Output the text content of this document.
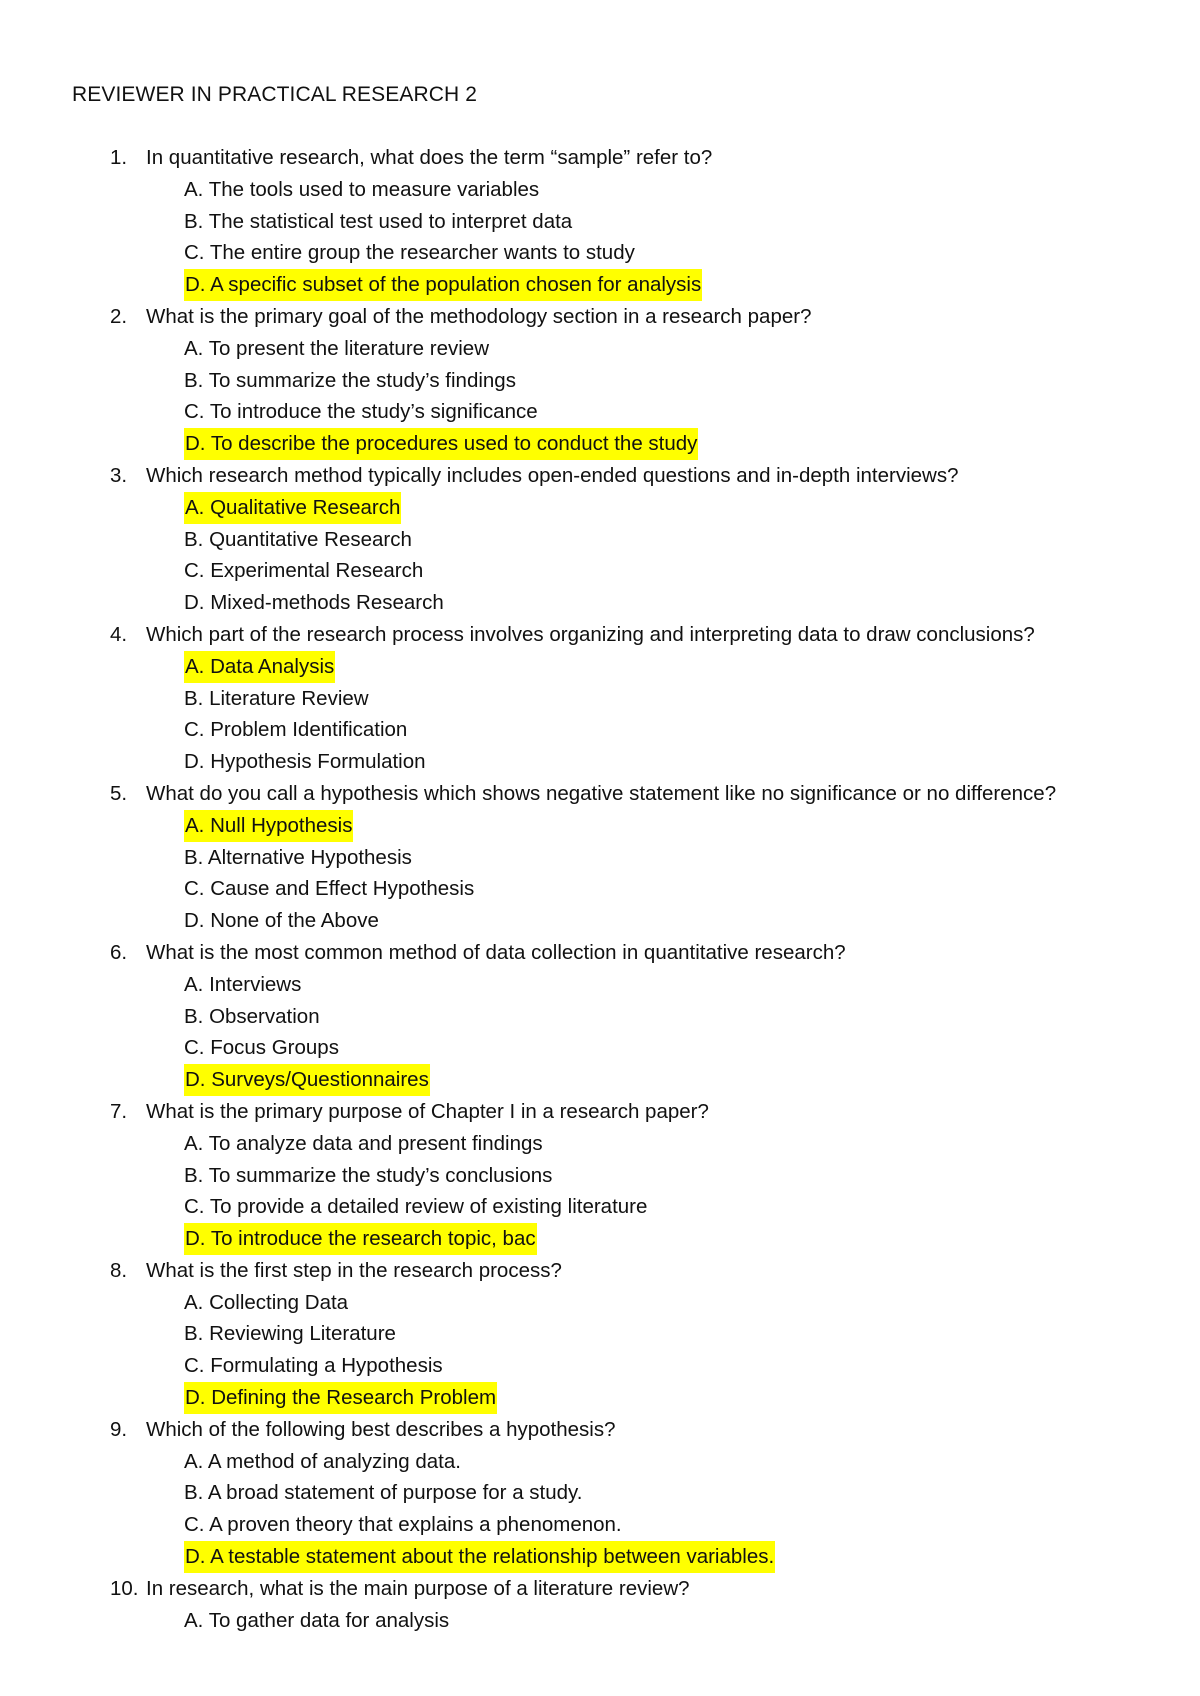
REVIEWER IN PRACTICAL RESEARCH 2
1. In quantitative research, what does the term “sample” refer to?
A. The tools used to measure variables
B. The statistical test used to interpret data
C. The entire group the researcher wants to study
D. A specific subset of the population chosen for analysis
2. What is the primary goal of the methodology section in a research paper?
A. To present the literature review
B. To summarize the study’s findings
C. To introduce the study’s significance
D. To describe the procedures used to conduct the study
3. Which research method typically includes open-ended questions and in-depth interviews?
A. Qualitative Research
B. Quantitative Research
C. Experimental Research
D. Mixed-methods Research
4. Which part of the research process involves organizing and interpreting data to draw conclusions?
A. Data Analysis
B. Literature Review
C. Problem Identification
D. Hypothesis Formulation
5. What do you call a hypothesis which shows negative statement like no significance or no difference?
A. Null Hypothesis
B. Alternative Hypothesis
C. Cause and Effect Hypothesis
D. None of the Above
6. What is the most common method of data collection in quantitative research?
A. Interviews
B. Observation
C. Focus Groups
D. Surveys/Questionnaires
7. What is the primary purpose of Chapter I in a research paper?
A. To analyze data and present findings
B. To summarize the study’s conclusions
C. To provide a detailed review of existing literature
D. To introduce the research topic, bac
8. What is the first step in the research process?
A. Collecting Data
B. Reviewing Literature
C. Formulating a Hypothesis
D. Defining the Research Problem
9. Which of the following best describes a hypothesis?
A. A method of analyzing data.
B. A broad statement of purpose for a study.
C. A proven theory that explains a phenomenon.
D. A testable statement about the relationship between variables.
10. In research, what is the main purpose of a literature review?
A. To gather data for analysis
